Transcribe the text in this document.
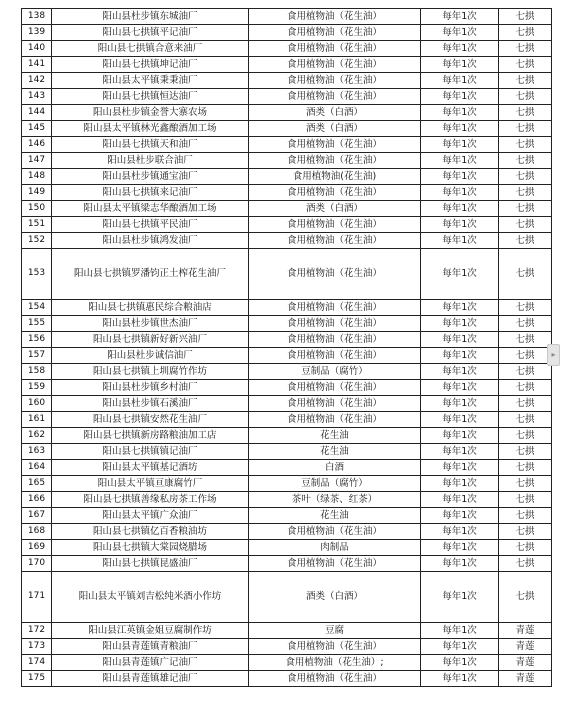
138	阳山县杜步镇东城油厂	食用植物油（花生油）	每年1次	七拱
139	阳山县七拱镇平记油厂	食用植物油（花生油）	每年1次	七拱
140	阳山县七拱镇合意来油厂	食用植物油（花生油）	每年1次	七拱
141	阳山县七拱镇坤记油厂	食用植物油（花生油）	每年1次	七拱
142	阳山县太平镇秉秉油厂	食用植物油（花生油）	每年1次	七拱
143	阳山县七拱镇恒达油厂	食用植物油（花生油）	每年1次	七拱
144	阳山县杜步镇金誉大寨农场	酒类（白酒）	每年1次	七拱
145	阳山县太平镇林光鑫酿酒加工场	酒类（白酒）	每年1次	七拱
146	阳山县七拱镇天和油厂	食用植物油（花生油）	每年1次	七拱
147	阳山县杜步联合油厂	食用植物油（花生油）	每年1次	七拱
148	阳山县杜步镇通宝油厂	食用植物油(花生油)	每年1次	七拱
149	阳山县七拱镇来记油厂	食用植物油（花生油）	每年1次	七拱
150	阳山县太平镇梁志华酿酒加工场	酒类（白酒）	每年1次	七拱
151	阳山县七拱镇平民油厂	食用植物油（花生油）	每年1次	七拱
152	阳山县杜步镇鸿发油厂	食用植物油（花生油）	每年1次	七拱
153	阳山县七拱镇罗潘钧正土榨花生油厂	食用植物油（花生油）	每年1次	七拱
154	阳山县七拱镇惠民综合粮油店	食用植物油（花生油）	每年1次	七拱
155	阳山县杜步镇世杰油厂	食用植物油（花生油）	每年1次	七拱
156	阳山县七拱镇新好新兴油厂	食用植物油（花生油）	每年1次	七拱
157	阳山县杜步诚信油厂	食用植物油（花生油）	每年1次	七拱
158	阳山县七拱镇上圳腐竹作坊	豆制品（腐竹）	每年1次	七拱
159	阳山县杜步镇乡村油厂	食用植物油（花生油）	每年1次	七拱
160	阳山县杜步镇石溪油厂	食用植物油（花生油）	每年1次	七拱
161	阳山县七拱镇安然花生油厂	食用植物油（花生油）	每年1次	七拱
162	阳山县七拱镇新房路粮油加工店	花生油	每年1次	七拱
163	阳山县七拱镇镇记油厂	花生油	每年1次	七拱
164	阳山县太平镇基记酒坊	白酒	每年1次	七拱
165	阳山县太平镇亘康腐竹厂	豆制品（腐竹）	每年1次	七拱
166	阳山县七拱镇善缘私房茶工作场	茶叶（绿茶、红茶）	每年1次	七拱
167	阳山县太平镇广众油厂	花生油	每年1次	七拱
168	阳山县七拱镇亿百香粮油坊	食用植物油（花生油）	每年1次	七拱
169	阳山县七拱镇大棠园烧腊场	肉制品	每年1次	七拱
170	阳山县七拱镇昆盛油厂	食用植物油（花生油）	每年1次	七拱
171	阳山县太平镇刘吉松纯米酒小作坊	酒类（白酒）	每年1次	七拱
172	阳山县江英镇金姐豆腐制作坊	豆腐	每年1次	青莲
173	阳山县青莲镇青粮油厂	食用植物油（花生油）	每年1次	青莲
174	阳山县青莲镇广记油厂	食用植物油（花生油）;	每年1次	青莲
175	阳山县青莲镇雄记油厂	食用植物油（花生油）	每年1次	青莲
▸
